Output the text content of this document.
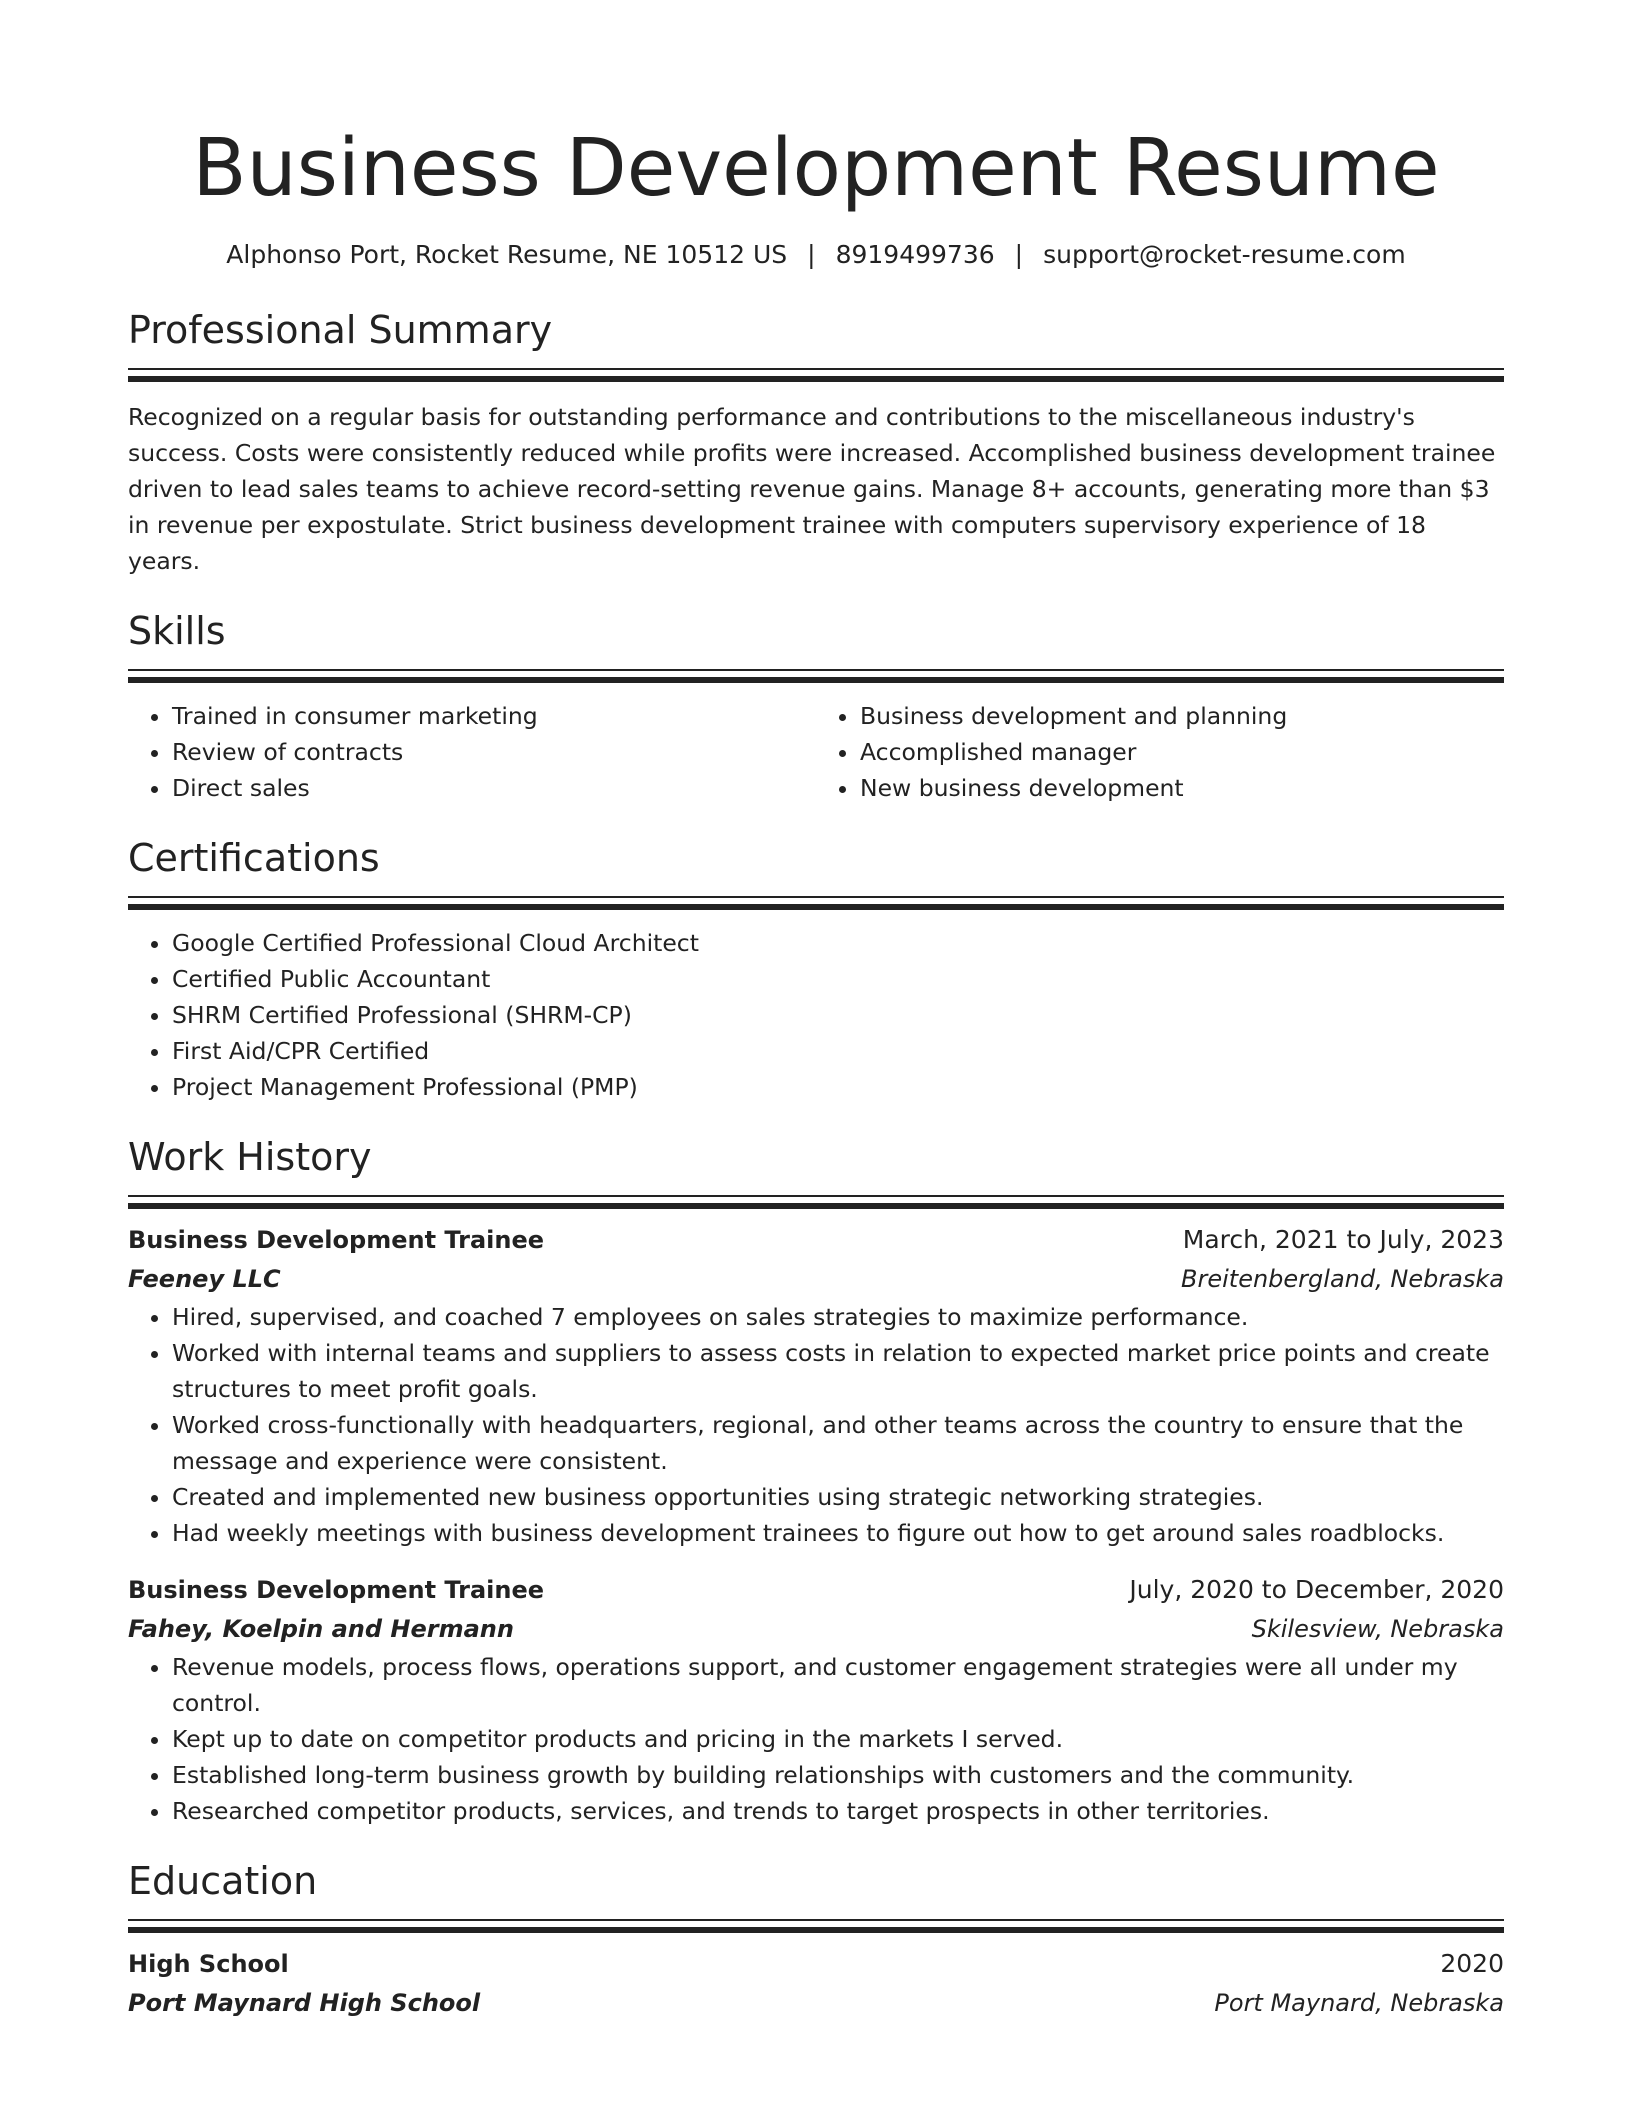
Business Development Resume
Alphonso Port, Rocket Resume, NE 10512 US | 8919499736 | support@rocket-resume.com
Professional Summary
Recognized on a regular basis for outstanding performance and contributions to the miscellaneous industry's success. Costs were consistently reduced while profits were increased. Accomplished business development trainee driven to lead sales teams to achieve record-setting revenue gains. Manage 8+ accounts, generating more than $3 in revenue per expostulate. Strict business development trainee with computers supervisory experience of 18 years.
Skills
• Trained in consumer marketing
• Review of contracts
• Direct sales
• Business development and planning
• Accomplished manager
• New business development
Certifications
• Google Certified Professional Cloud Architect
• Certified Public Accountant
• SHRM Certified Professional (SHRM-CP)
• First Aid/CPR Certified
• Project Management Professional (PMP)
Work History
Business Development Trainee	March, 2021 to July, 2023
Feeney LLC	Breitenbergland, Nebraska
• Hired, supervised, and coached 7 employees on sales strategies to maximize performance.
• Worked with internal teams and suppliers to assess costs in relation to expected market price points and create structures to meet profit goals.
• Worked cross-functionally with headquarters, regional, and other teams across the country to ensure that the message and experience were consistent.
• Created and implemented new business opportunities using strategic networking strategies.
• Had weekly meetings with business development trainees to figure out how to get around sales roadblocks.
Business Development Trainee	July, 2020 to December, 2020
Fahey, Koelpin and Hermann	Skilesview, Nebraska
• Revenue models, process flows, operations support, and customer engagement strategies were all under my control.
• Kept up to date on competitor products and pricing in the markets I served.
• Established long-term business growth by building relationships with customers and the community.
• Researched competitor products, services, and trends to target prospects in other territories.
Education
High School	2020
Port Maynard High School	Port Maynard, Nebraska
